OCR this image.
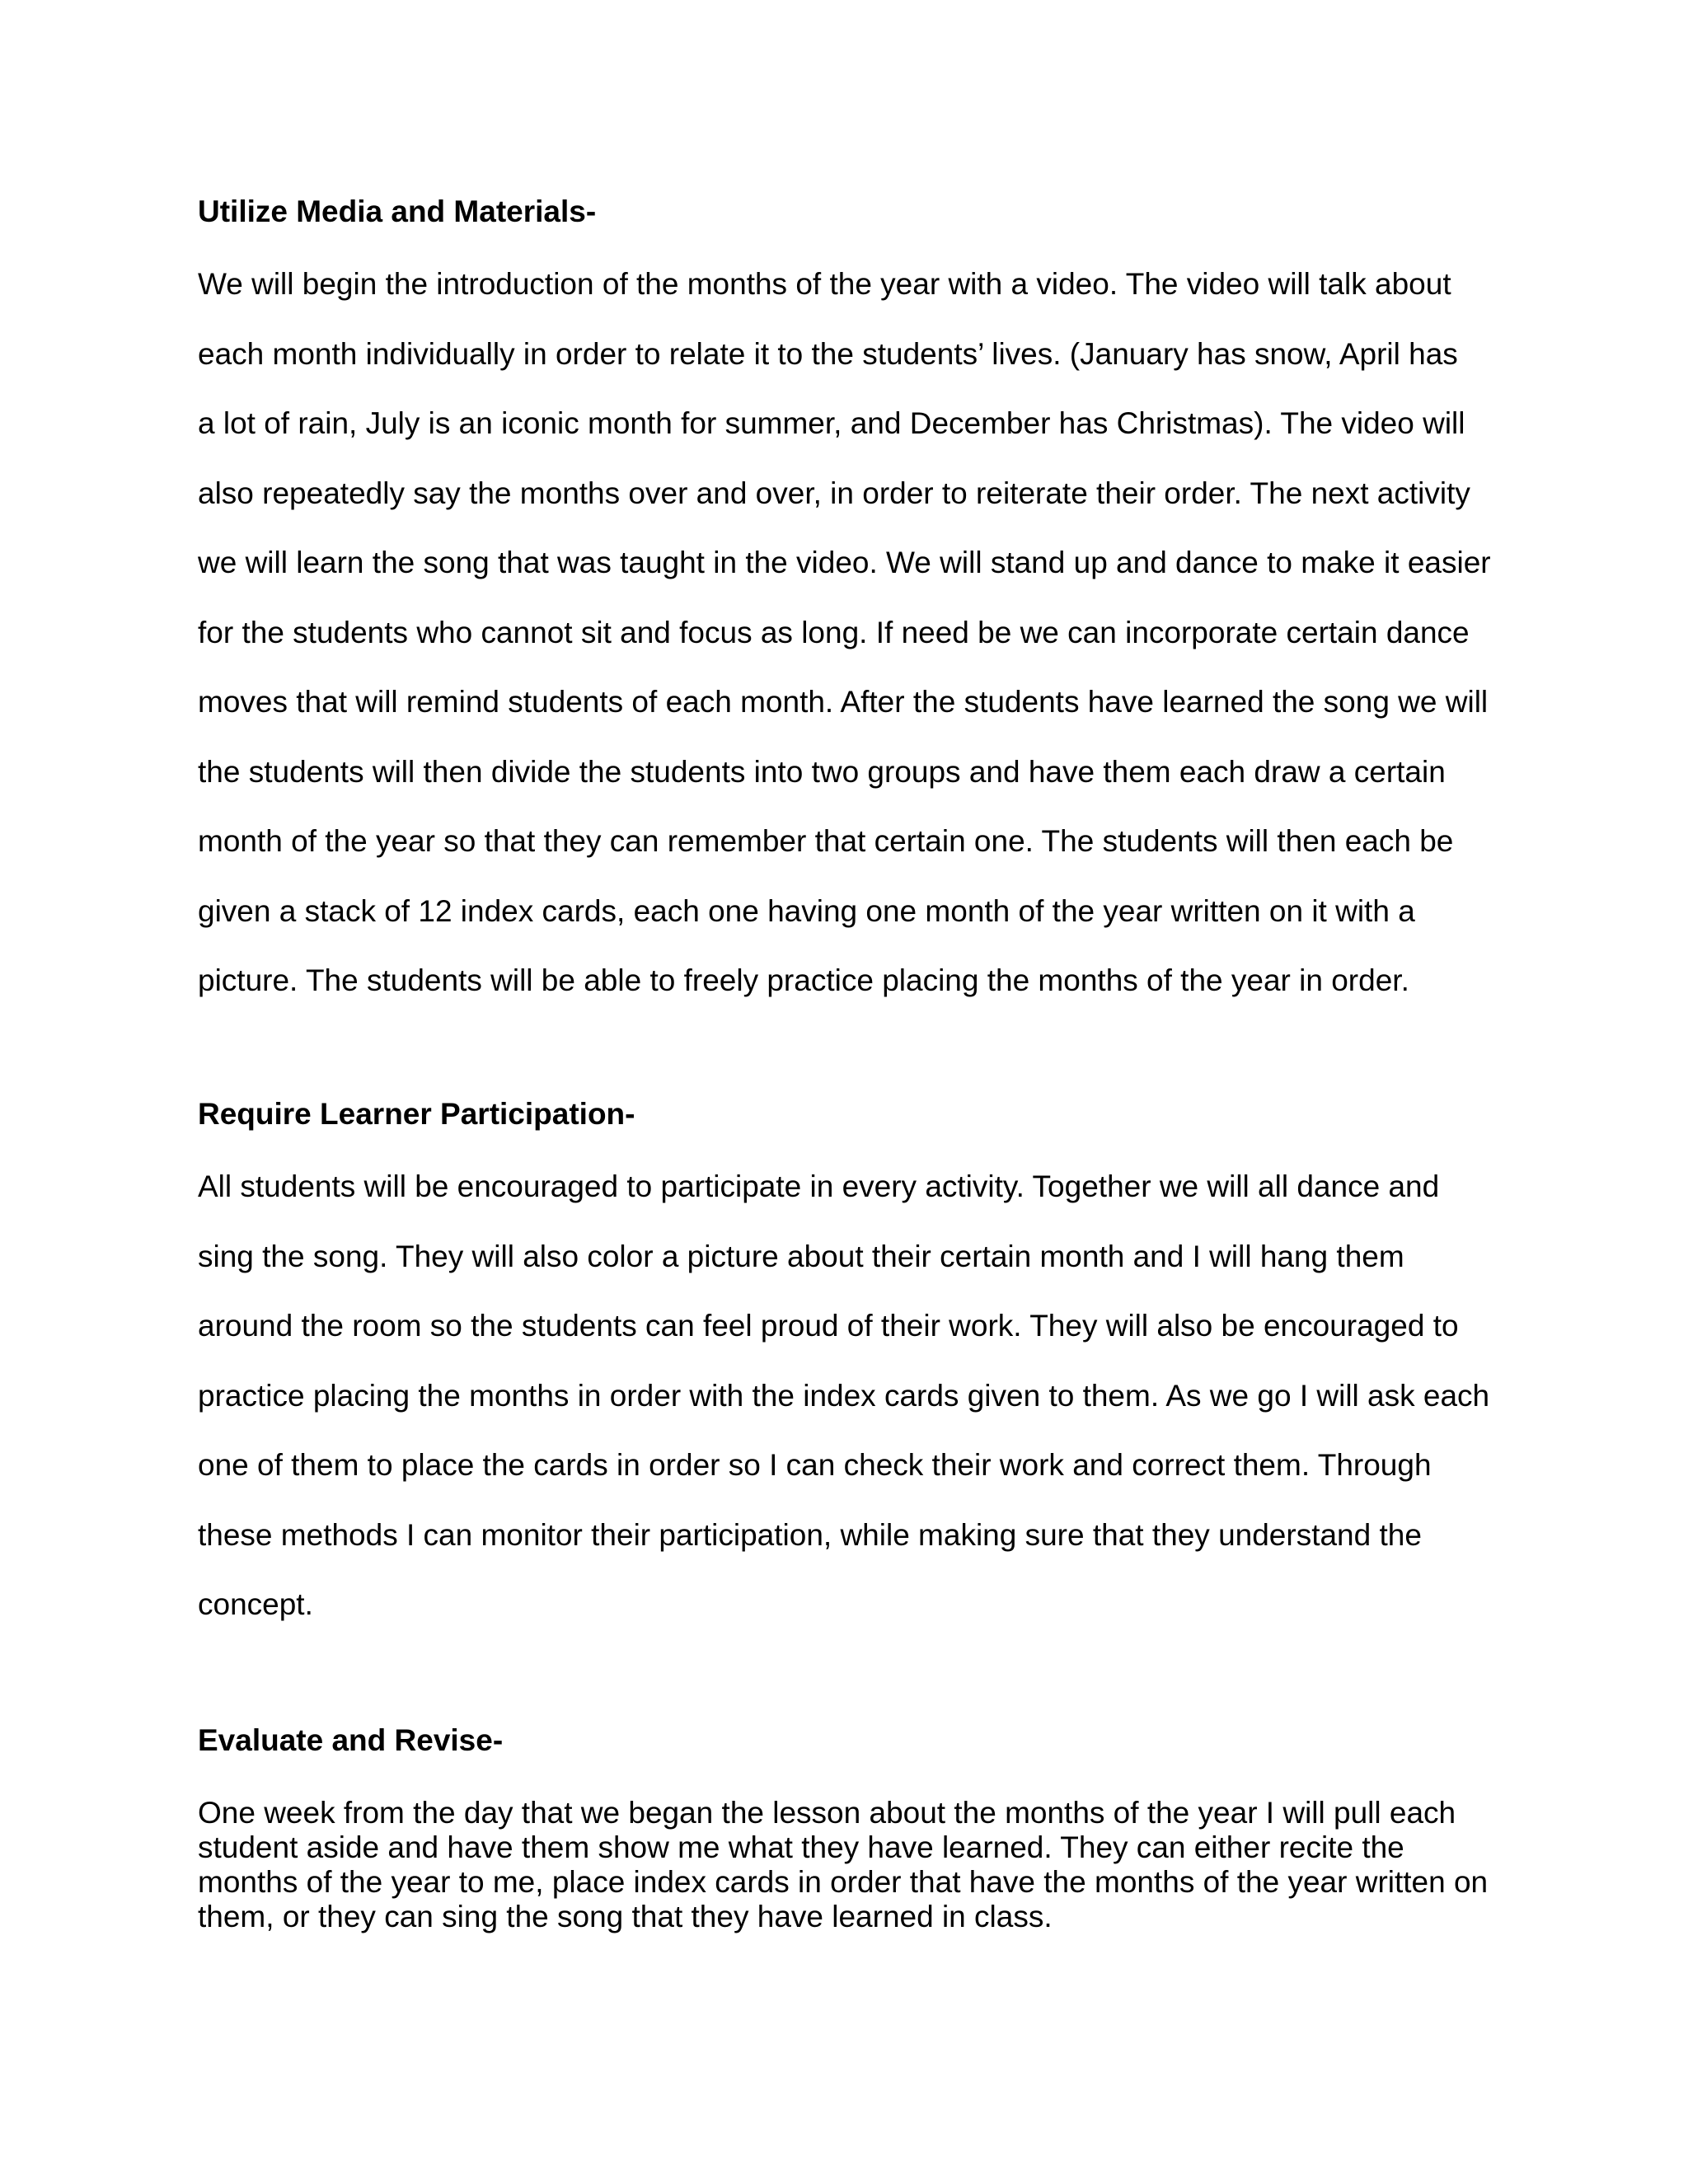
Utilize Media and Materials-

We will begin the introduction of the months of the year with a video. The video will talk about

each month individually in order to relate it to the students’ lives. (January has snow, April has

a lot of rain, July is an iconic month for summer, and December has Christmas). The video will

also repeatedly say the months over and over, in order to reiterate their order. The next activity

we will learn the song that was taught in the video. We will stand up and dance to make it easier

for the students who cannot sit and focus as long. If need be we can incorporate certain dance

moves that will remind students of each month. After the students have learned the song we will

the students will then divide the students into two groups and have them each draw a certain

month of the year so that they can remember that certain one. The students will then each be

given a stack of 12 index cards, each one having one month of the year written on it with a

picture. The students will be able to freely practice placing the months of the year in order.

Require Learner Participation-

All students will be encouraged to participate in every activity. Together we will all dance and

sing the song. They will also color a picture about their certain month and I will hang them

around the room so the students can feel proud of their work. They will also be encouraged to

practice placing the months in order with the index cards given to them. As we go I will ask each

one of them to place the cards in order so I can check their work and correct them. Through

these methods I can monitor their participation, while making sure that they understand the

concept.

Evaluate and Revise-

One week from the day that we began the lesson about the months of the year I will pull each

student aside and have them show me what they have learned. They can either recite the

months of the year to me, place index cards in order that have the months of the year written on

them, or they can sing the song that they have learned in class.
